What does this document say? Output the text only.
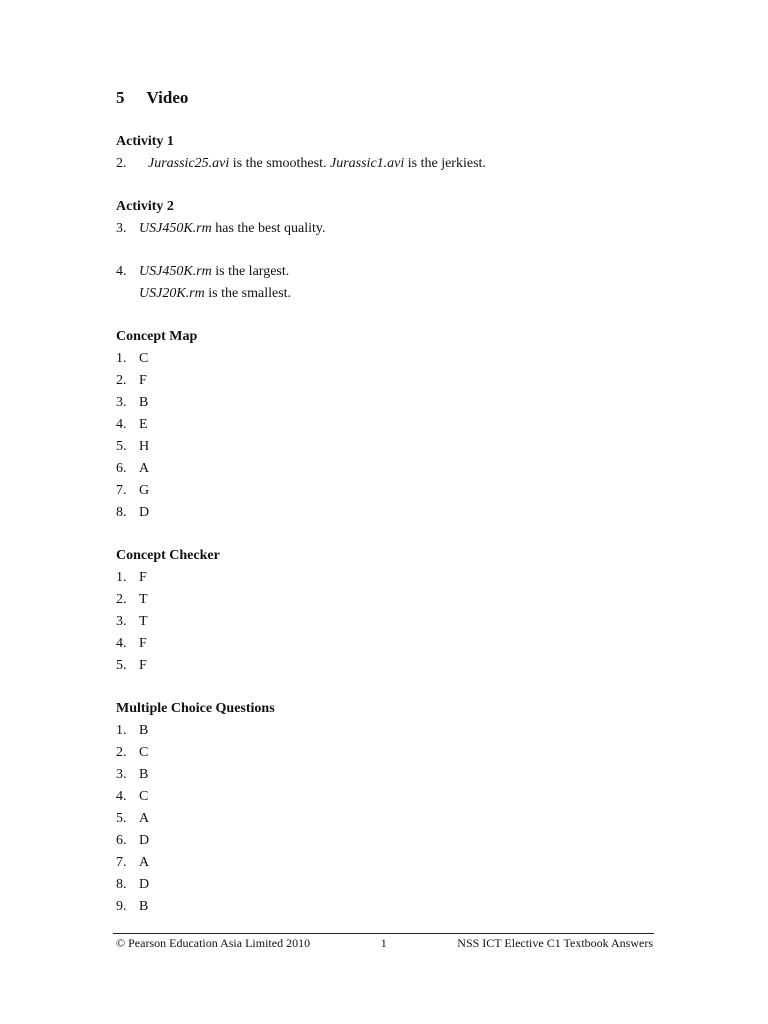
5 Video
Activity 1
2.	Jurassic25.avi is the smoothest. Jurassic1.avi is the jerkiest.
Activity 2
3. USJ450K.rm has the best quality.
4. USJ450K.rm is the largest.
USJ20K.rm is the smallest.
Concept Map
1. C
2. F
3. B
4. E
5. H
6. A
7. G
8. D
Concept Checker
1. F
2. T
3. T
4. F
5. F
Multiple Choice Questions
1. B
2. C
3. B
4. C
5. A
6. D
7. A
8. D
9. B
© Pearson Education Asia Limited 2010	1	NSS ICT Elective C1 Textbook Answers
